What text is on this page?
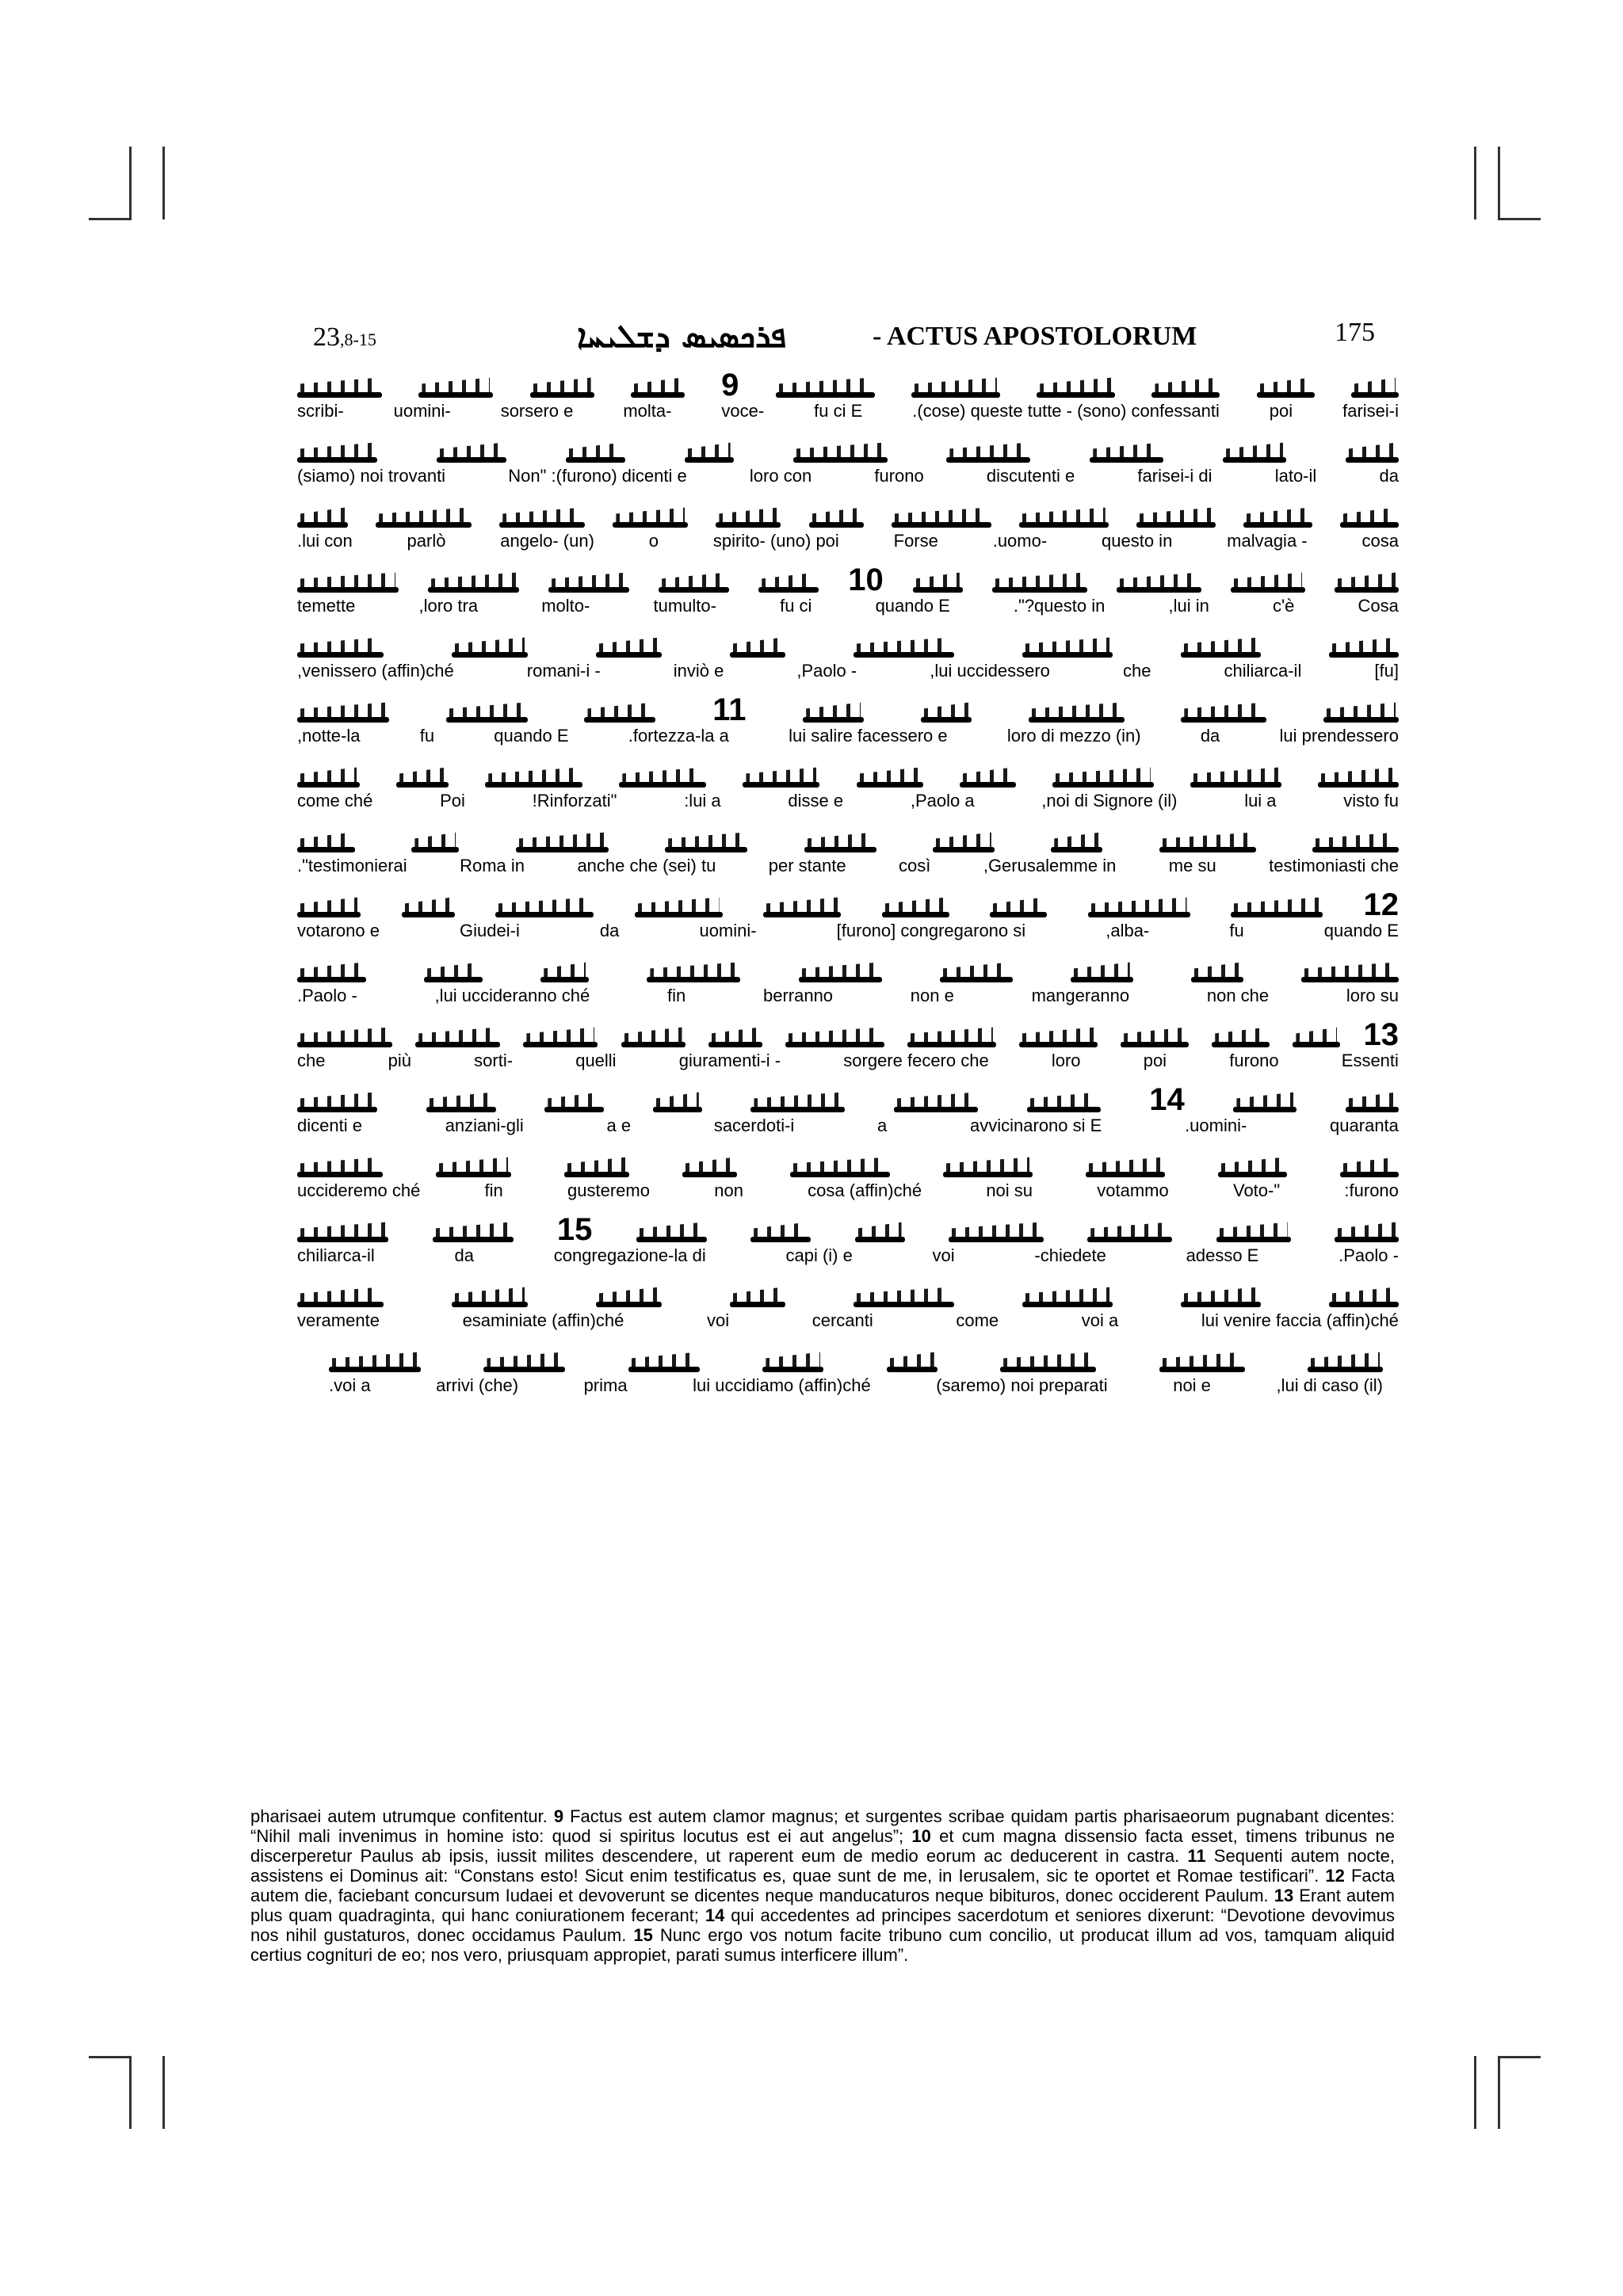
23,8-15	ܦܪܟܣܝܣ ܕܫܠܝܚܐ	- ACTUS APOSTOLORUM	175
9
scribi-	uomini-	sorsero e	molta-	voce-	fu ci E	.(cose) queste tutte - (sono) confessanti	poi	farisei-i
(siamo) noi trovanti	Non" :(furono) dicenti e	loro con	furono	discutenti e	farisei-i di	lato-il	da
.lui con	parlò	angelo- (un)	o	spirito- (uno) poi	Forse	.uomo-	questo in	malvagia -	cosa
10
temette	,loro tra	molto-	tumulto-	fu ci	quando E	."?questo in	,lui in	c'è	Cosa
,venissero (affin)ché	romani-i -	inviò e	,Paolo -	,lui uccidessero	che	chiliarca-il	[fu]
11
,notte-la	fu	quando E	.fortezza-la a	lui salire facessero e	loro di mezzo (in)	da	lui prendessero
come ché	Poi	!Rinforzati"	:lui a	disse e	,Paolo a	,noi di Signore (il)	lui a	visto fu
."testimonierai	Roma in	anche che (sei) tu	per stante	così	,Gerusalemme in	me su	testimoniasti che
12
votarono e	Giudei-i	da	uomini-	[furono] congregarono si	,alba-	fu	quando E
.Paolo -	,lui uccideranno ché	fin	berranno	non e	mangeranno	non che	loro su
13
che	più	sorti-	quelli	giuramenti-i -	sorgere fecero che	loro	poi	furono	Essenti
14
dicenti e	anziani-gli	a e	sacerdoti-i	a	avvicinarono si E	.uomini-	quaranta
uccideremo ché	fin	gusteremo	non	cosa (affin)ché	noi su	votammo	Voto-"	:furono
15
chiliarca-il	da	congregazione-la di	capi (i) e	voi	-chiedete	adesso E	.Paolo -
veramente	esaminiate (affin)ché	voi	cercanti	come	voi a	lui venire faccia (affin)ché
.voi a	arrivi (che)	prima	lui uccidiamo (affin)ché	(saremo) noi preparati	noi e	,lui di caso (il)
pharisaei autem utrumque confitentur. 9 Factus est autem clamor magnus; et surgentes scribae quidam partis pharisaeorum pugnabant dicentes: “Nihil mali invenimus in homine isto: quod si spiritus locutus est ei aut angelus”; 10 et cum magna dissensio facta esset, timens tribunus ne discerperetur Paulus ab ipsis, iussit milites descendere, ut raperent eum de medio eorum ac deducerent in castra. 11 Sequenti autem nocte, assistens ei Dominus ait: “Constans esto! Sicut enim testificatus es, quae sunt de me, in Ierusalem, sic te oportet et Romae testificari”. 12 Facta autem die, faciebant concursum Iudaei et devoverunt se dicentes neque manducaturos neque bibituros, donec occiderent Paulum. 13 Erant autem plus quam quadraginta, qui hanc coniurationem fecerant; 14 qui accedentes ad principes sacerdotum et seniores dixerunt: “Devotione devovimus nos nihil gustaturos, donec occidamus Paulum. 15 Nunc ergo vos notum facite tribuno cum concilio, ut producat illum ad vos, tamquam aliquid certius cognituri de eo; nos vero, priusquam appropiet, parati sumus interficere illum”.
